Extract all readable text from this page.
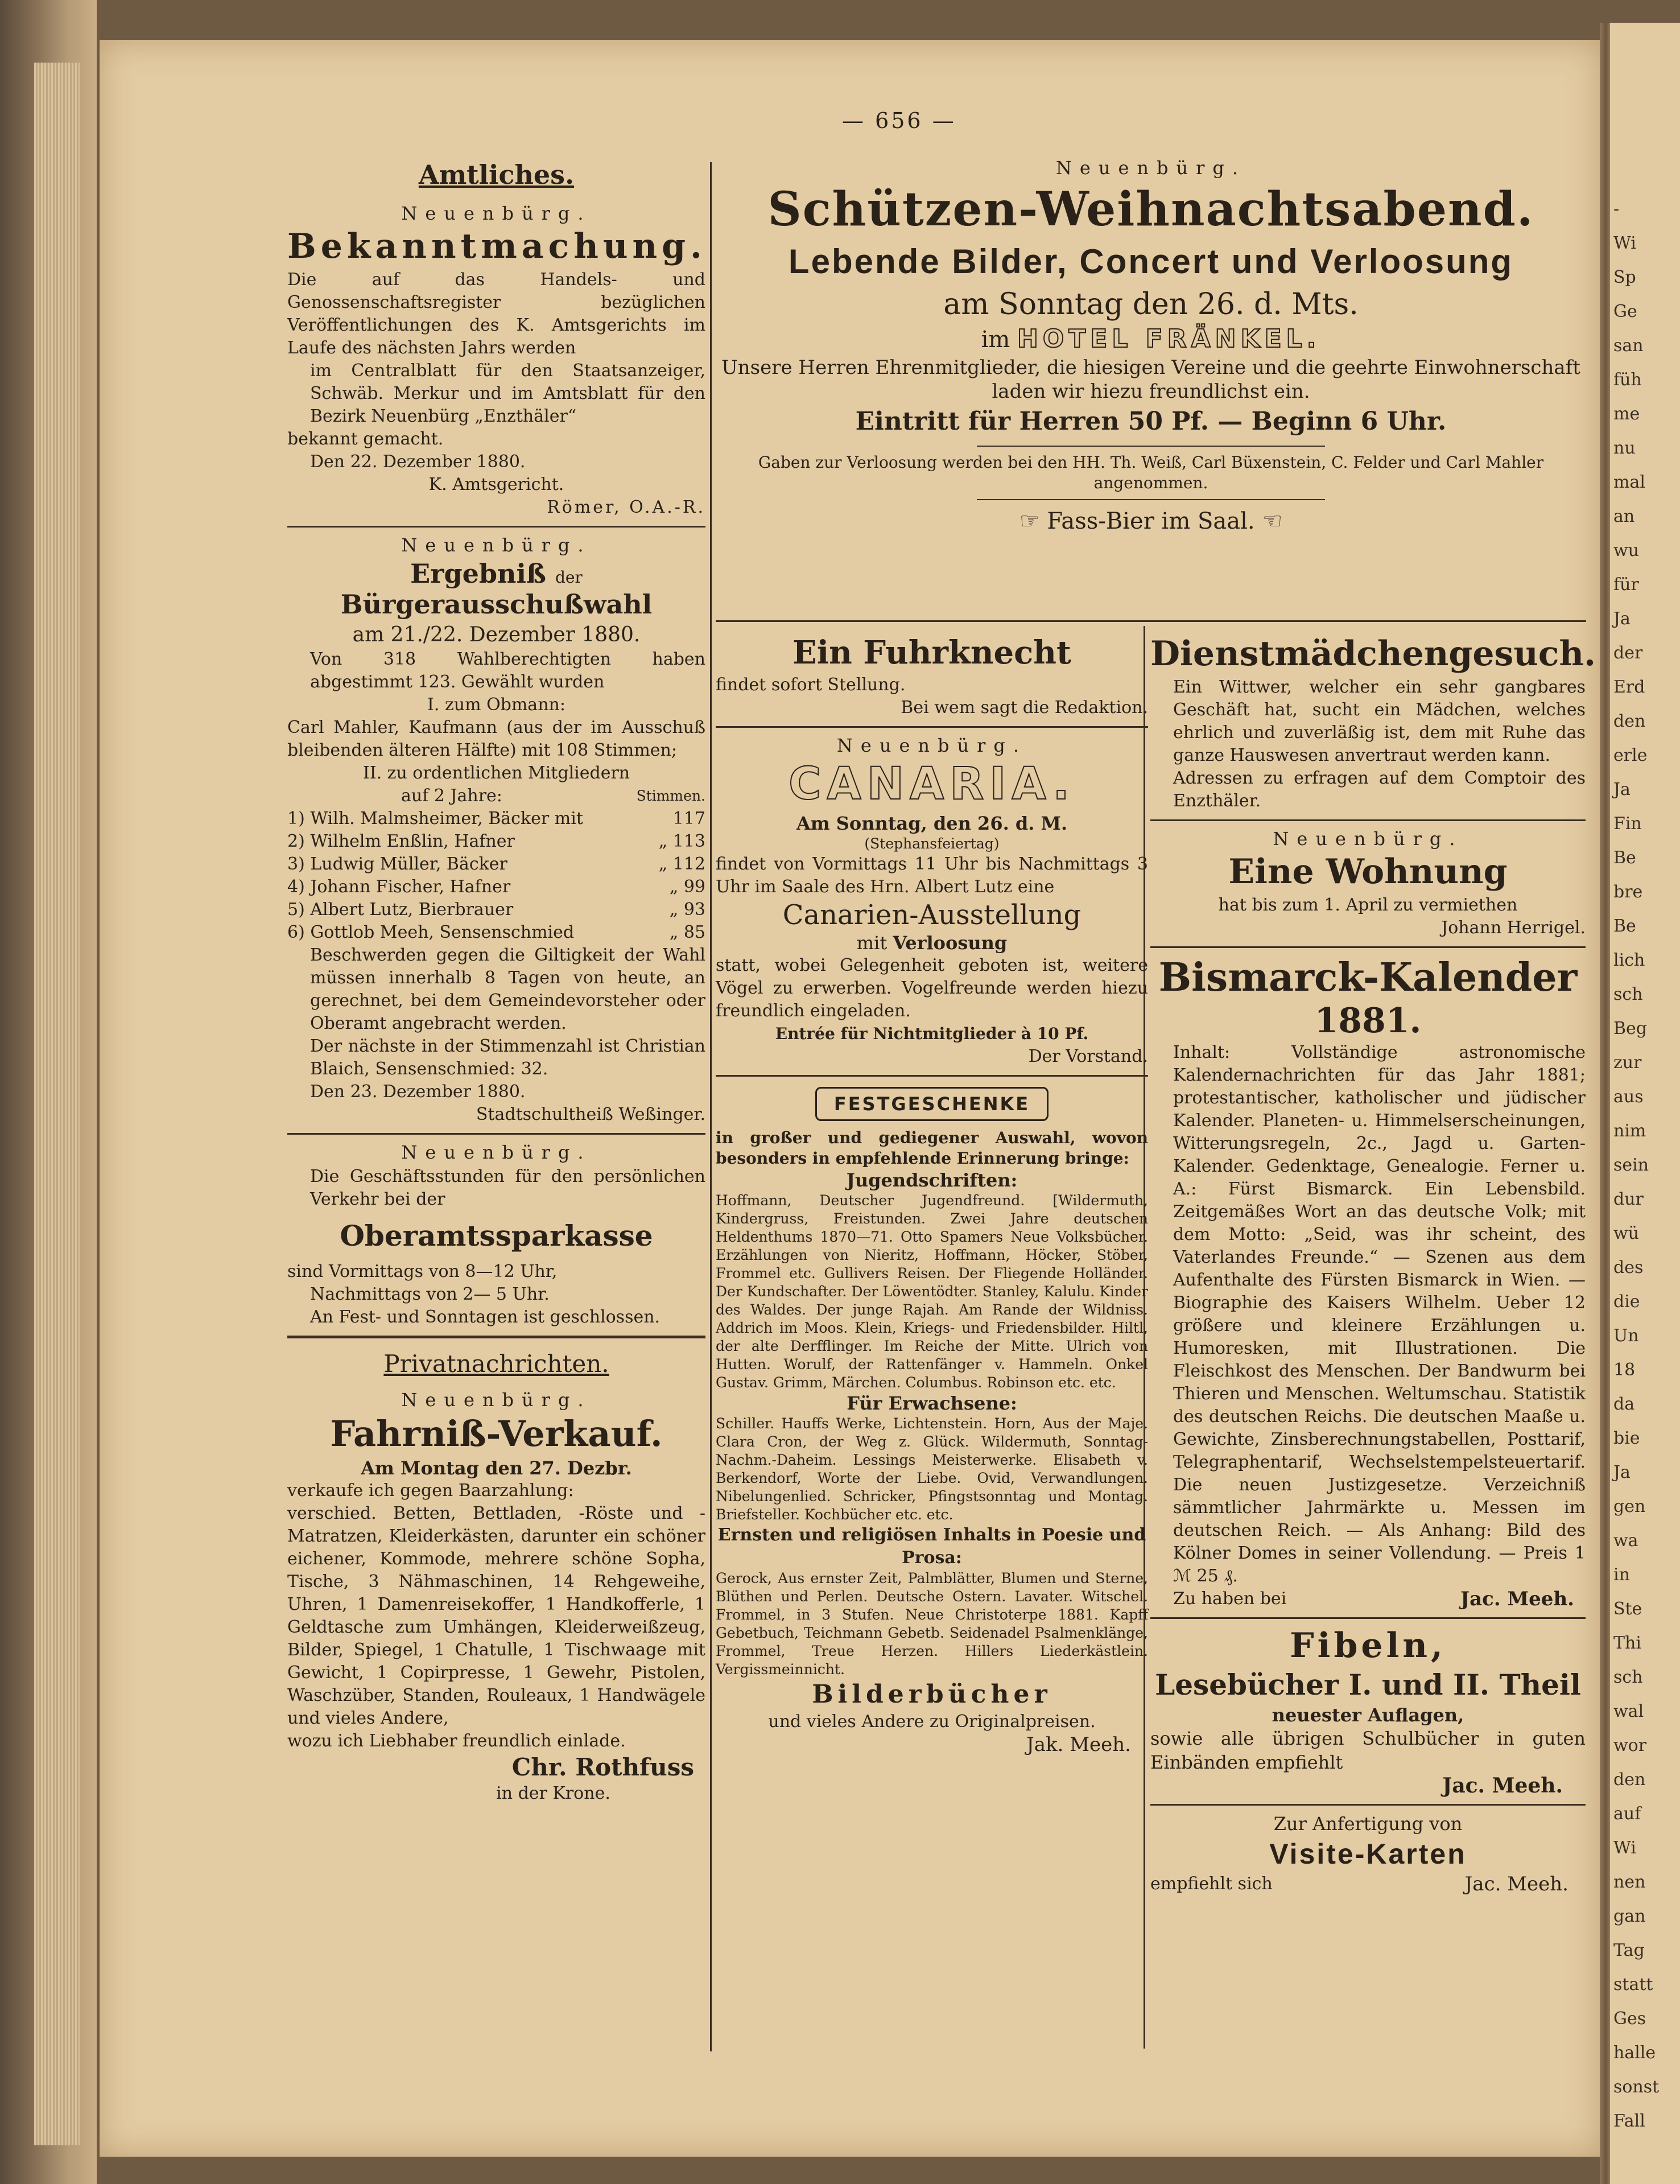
-
Wi
Sp
Ge
san
füh
me
nu
mal
an
wu
für
Ja
der
Erd
den
erle
Ja
Fin
Be
bre
Be
lich
sch
Beg
zur
aus
nim
sein
dur
wü
des
die
Un
18
da
bie
Ja
gen
wa
in
Ste
Thi
sch
wal
wor
den
auf
Wi
nen
gan
Tag
statt
Ges
halle
sonst
Fall
— 656 —
Amtliches.
Neuenbürg.
Bekanntmachung.

Die auf das Handels- und Genossenschaftsregister bezüglichen Veröffentlichungen des K. Amtsgerichts im Laufe des nächsten Jahrs werden

im Centralblatt für den Staatsanzeiger, Schwäb. Merkur und im Amtsblatt für den Bezirk Neuenbürg „Enzthäler“

bekannt gemacht.

Den 22. Dezember 1880.

K. Amtsgericht.

Römer, O.A.-R.

Neuenbürg.
Ergebniß der Bürgerausschußwahl

am 21./22. Dezember 1880.

Von 318 Wahlberechtigten haben abgestimmt 123. Gewählt wurden

I. zum Obmann:

Carl Mahler, Kaufmann (aus der im Ausschuß bleibenden älteren Hälfte) mit 108 Stimmen;

II. zu ordentlichen Mitgliedern

auf 2 Jahre:	Stimmen.
1) Wilh. Malmsheimer, Bäcker mit	117
2) Wilhelm Enßlin, Hafner	„ 113
3) Ludwig Müller, Bäcker	„ 112
4) Johann Fischer, Hafner	„ 99
5) Albert Lutz, Bierbrauer	„ 93
6) Gottlob Meeh, Sensenschmied	„ 85

Beschwerden gegen die Giltigkeit der Wahl müssen innerhalb 8 Tagen von heute, an gerechnet, bei dem Gemeindevorsteher oder Oberamt angebracht werden.

Der nächste in der Stimmenzahl ist Christian Blaich, Sensenschmied: 32.

Den 23. Dezember 1880.

Stadtschultheiß Weßinger.

Neuenbürg.

Die Geschäftsstunden für den persönlichen Verkehr bei der

Oberamtssparkasse

sind Vormittags von 8—12 Uhr,

Nachmittags von 2— 5 Uhr.

An Fest- und Sonntagen ist geschlossen.

Privatnachrichten.
Neuenbürg.
Fahrniß-Verkauf.

Am Montag den 27. Dezbr.

verkaufe ich gegen Baarzahlung:

verschied. Betten, Bettladen, -Röste und -Matratzen, Kleiderkästen, darunter ein schöner eichener, Kommode, mehrere schöne Sopha, Tische, 3 Nähmaschinen, 14 Rehgeweihe, Uhren, 1 Damenreisekoffer, 1 Handkofferle, 1 Geldtasche zum Umhängen, Kleiderweißzeug, Bilder, Spiegel, 1 Chatulle, 1 Tischwaage mit Gewicht, 1 Copirpresse, 1 Gewehr, Pistolen, Waschzüber, Standen, Rouleaux, 1 Handwägele und vieles Andere,

wozu ich Liebhaber freundlich einlade.

Chr. Rothfuss

in der Krone.

Neuenbürg.
Schützen-Weihnachtsabend.
Lebende Bilder, Concert und Verloosung
am Sonntag den 26. d. Mts.
im HOTEL FRÄNKEL.

Unsere Herren Ehrenmitglieder, die hiesigen Vereine und die geehrte Einwohnerschaft laden wir hiezu freundlichst ein.

Eintritt für Herren 50 Pf. — Beginn 6 Uhr.

Gaben zur Verloosung werden bei den HH. Th. Weiß, Carl Büxenstein, C. Felder und Carl Mahler angenommen.

☞ Fass-Bier im Saal. ☜
Ein Fuhrknecht

findet sofort Stellung.

Bei wem sagt die Redaktion.

Neuenbürg.
CANARIA.

Am Sonntag, den 26. d. M.

(Stephansfeiertag)

findet von Vormittags 11 Uhr bis Nachmittags 3 Uhr im Saale des Hrn. Albert Lutz eine

Canarien-Ausstellung
mit Verloosung

statt, wobei Gelegenheit geboten ist, weitere Vögel zu erwerben. Vogelfreunde werden hiezu freundlich eingeladen.

Entrée für Nichtmitglieder à 10 Pf.

Der Vorstand.

FESTGESCHENKE

in großer und gediegener Auswahl, wovon besonders in empfehlende Erinnerung bringe:

Jugendschriften:

Hoffmann, Deutscher Jugendfreund. [Wildermuth, Kindergruss, Freistunden. Zwei Jahre deutschen Heldenthums 1870—71. Otto Spamers Neue Volksbücher. Erzählungen von Nieritz, Hoffmann, Höcker, Stöber, Frommel etc. Gullivers Reisen. Der Fliegende Holländer. Der Kundschafter. Der Löwentödter. Stanley, Kalulu. Kinder des Waldes. Der junge Rajah. Am Rande der Wildniss. Addrich im Moos. Klein, Kriegs- und Friedensbilder. Hiltl, der alte Derfflinger. Im Reiche der Mitte. Ulrich von Hutten. Worulf, der Rattenfänger v. Hammeln. Onkel Gustav. Grimm, Märchen. Columbus. Robinson etc. etc.

Für Erwachsene:

Schiller. Hauffs Werke, Lichtenstein. Horn, Aus der Maje. Clara Cron, der Weg z. Glück. Wildermuth, Sonntag-Nachm.-Daheim. Lessings Meisterwerke. Elisabeth v. Berkendorf, Worte der Liebe. Ovid, Verwandlungen. Nibelungenlied. Schricker, Pfingstsonntag und Montag. Briefsteller. Kochbücher etc. etc.

Ernsten und religiösen Inhalts in Poesie und Prosa:

Gerock, Aus ernster Zeit, Palmblätter, Blumen und Sterne, Blüthen und Perlen. Deutsche Ostern. Lavater. Witschel. Frommel, in 3 Stufen. Neue Christoterpe 1881. Kapff Gebetbuch, Teichmann Gebetb. Seidenadel Psalmenklänge, Frommel, Treue Herzen. Hillers Liederkästlein. Vergissmeinnicht.

Bilderbücher

und vieles Andere zu Originalpreisen.

Jak. Meeh.

Dienstmädchengesuch.

Ein Wittwer, welcher ein sehr gangbares Geschäft hat, sucht ein Mädchen, welches ehrlich und zuverläßig ist, dem mit Ruhe das ganze Hauswesen anvertraut werden kann.

Adressen zu erfragen auf dem Comptoir des Enzthäler.

Neuenbürg.
Eine Wohnung

hat bis zum 1. April zu vermiethen

Johann Herrigel.

Bismarck-Kalender
1881.

Inhalt: Vollständige astronomische Kalendernachrichten für das Jahr 1881; protestantischer, katholischer und jüdischer Kalender. Planeten- u. Himmelserscheinungen, Witterungsregeln, 2c., Jagd u. Garten-Kalender. Gedenktage, Genealogie. Ferner u. A.: Fürst Bismarck. Ein Lebensbild. Zeitgemäßes Wort an das deutsche Volk; mit dem Motto: „Seid, was ihr scheint, des Vaterlandes Freunde.“ — Szenen aus dem Aufenthalte des Fürsten Bismarck in Wien. — Biographie des Kaisers Wilhelm. Ueber 12 größere und kleinere Erzählungen u. Humoresken, mit Illustrationen. Die Fleischkost des Menschen. Der Bandwurm bei Thieren und Menschen. Weltumschau. Statistik des deutschen Reichs. Die deutschen Maaße u. Gewichte, Zinsberechnungstabellen, Posttarif, Telegraphentarif, Wechselstempelsteuertarif. Die neuen Justizgesetze. Verzeichniß sämmtlicher Jahrmärkte u. Messen im deutschen Reich. — Als Anhang: Bild des Kölner Domes in seiner Vollendung. — Preis 1 ℳ 25 ₰.

Zu haben bei	Jac. Meeh.
Fibeln,
Lesebücher I. und II. Theil

neuester Auflagen,

sowie alle übrigen Schulbücher in guten Einbänden empfiehlt

Jac. Meeh.

Zur Anfertigung von

Visite-Karten
empfiehlt sich	Jac. Meeh.
